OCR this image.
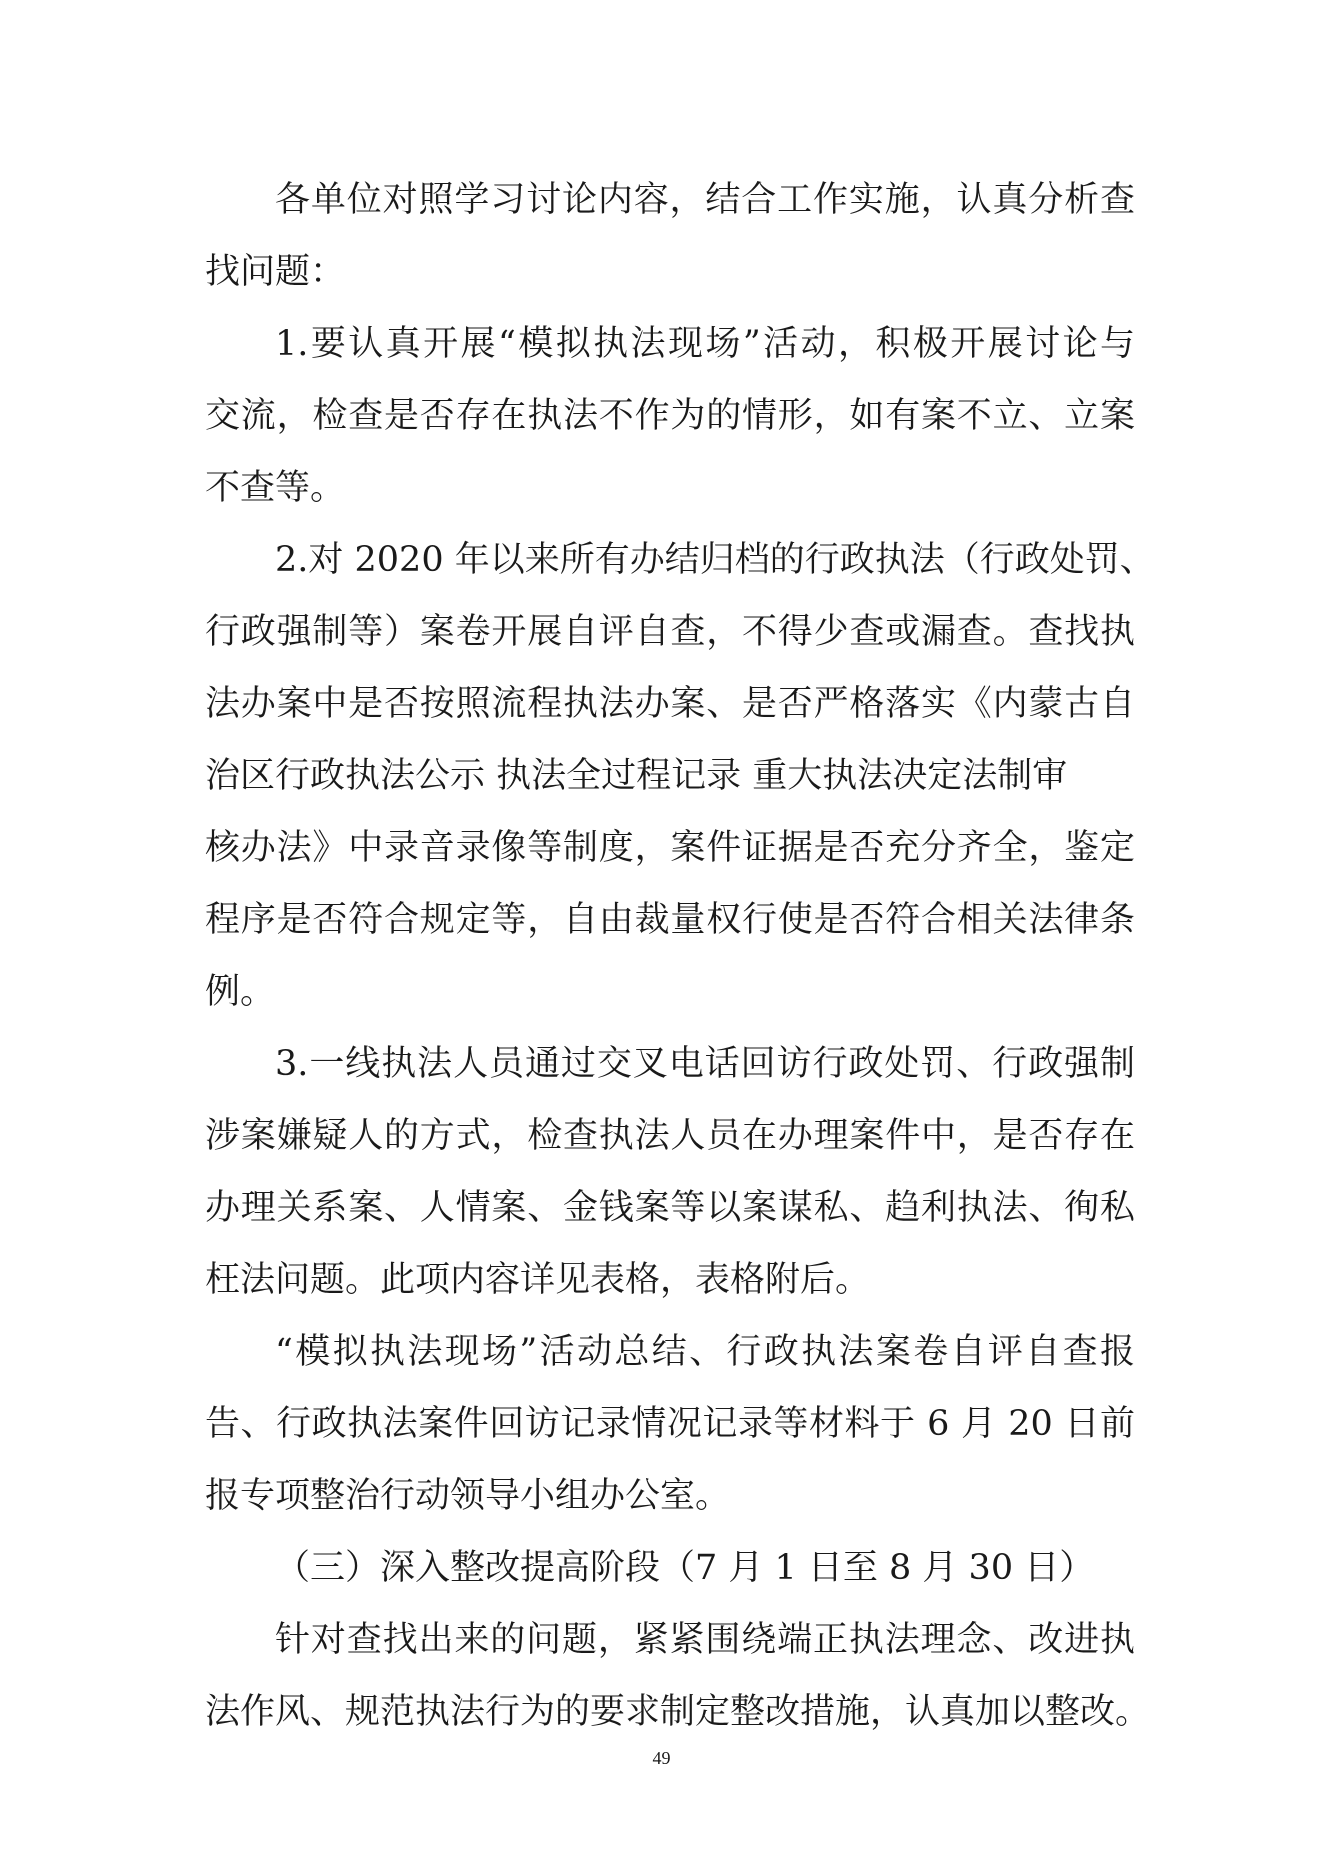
各单位对照学习讨论内容，结合工作实施，认真分析查
找问题：
1.要认真开展“模拟执法现场”活动，积极开展讨论与
交流，检查是否存在执法不作为的情形，如有案不立、立案
不查等。
2.对 2020 年以来所有办结归档的行政执法（行政处罚、
行政强制等）案卷开展自评自查，不得少查或漏查。查找执
法办案中是否按照流程执法办案、是否严格落实《内蒙古自
治区行政执法公示 执法全过程记录 重大执法决定法制审
核办法》中录音录像等制度，案件证据是否充分齐全，鉴定
程序是否符合规定等，自由裁量权行使是否符合相关法律条
例。
3.一线执法人员通过交叉电话回访行政处罚、行政强制
涉案嫌疑人的方式，检查执法人员在办理案件中，是否存在
办理关系案、人情案、金钱案等以案谋私、趋利执法、徇私
枉法问题。此项内容详见表格，表格附后。
“模拟执法现场”活动总结、行政执法案卷自评自查报
告、行政执法案件回访记录情况记录等材料于 6 月 20 日前
报专项整治行动领导小组办公室。
（三）深入整改提高阶段（7 月 1 日至 8 月 30 日）
针对查找出来的问题，紧紧围绕端正执法理念、改进执
法作风、规范执法行为的要求制定整改措施，认真加以整改。
49
